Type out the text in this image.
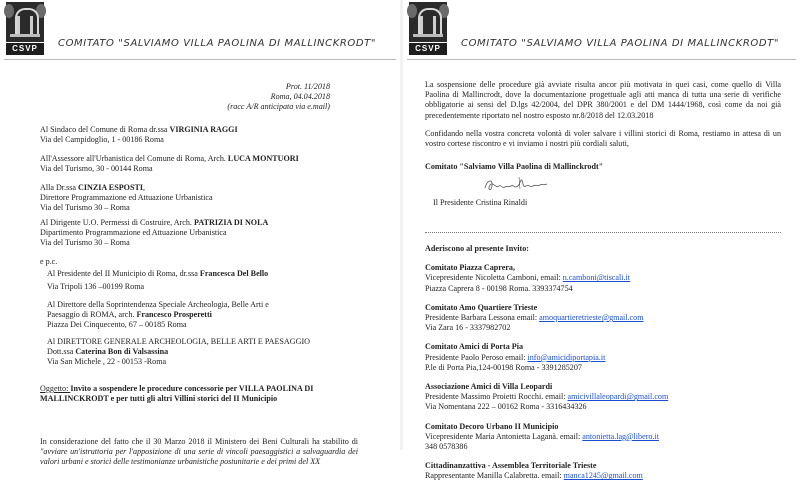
CSVP	COMITATO "SALVIAMO VILLA PAOLINA DI MALLINCKRODT"
Prot. 11/2018
Roma, 04.04.2018
(racc A/R anticipata via e.mail)
Al Sindaco del Comune di Roma dr.ssa VIRGINIA RAGGI
Via del Campidoglio, 1 - 00186 Roma
All'Assessore all'Urbanistica del Comune di Roma, Arch. LUCA MONTUORI
Via del Turismo, 30 - 00144 Roma
Alla Dr.ssa CINZIA ESPOSTI,
Direttore Programmazione ed Attuazione Urbanistica
Via del Turismo 30 – Roma
Al Dirigente U.O. Permessi di Costruire, Arch. PATRIZIA DI NOLA
Dipartimento Programmazione ed Attuazione Urbanistica
Via del Turismo 30 – Roma
e p.c.
Al Presidente del II Municipio di Roma, dr.ssa Francesca Del Bello
Via Tripoli 136 –00199 Roma
Al Direttore della Soprintendenza Speciale Archeologia, Belle Arti e
Paesaggio di ROMA, arch. Francesco Prosperetti
Piazza Dei Cinquecento, 67 – 00185 Roma
Al DIRETTORE GENERALE ARCHEOLOGIA, BELLE ARTI E PAESAGGIO
Dott.ssa Caterina Bon di Valsassina
Via San Michele , 22 - 00153 -Roma
Oggetto: Invito a sospendere le procedure concessorie per VILLA PAOLINA DI
MALLINCKRODT e per tutti gli altri Villini storici del II Municipio
In considerazione del fatto che il 30 Marzo 2018 il Ministero dei Beni Culturali ha stabilito di "avviare un'istruttoria per l'apposizione di una serie di vincoli paesaggistici a salvaguardia dei valori urbani e storici delle testimonianze urbanistiche postunitarie e dei primi del XX
CSVP	COMITATO "SALVIAMO VILLA PAOLINA DI MALLINCKRODT"
La sospensione delle procedure già avviate risulta ancor più motivata in quei casi, come quello di Villa Paolina di Mallincrodt, dove la documentazione progettuale agli atti manca di tutta una serie di verifiche obbligatorie ai sensi del D.lgs 42/2004, del DPR 380/2001 e del DM 1444/1968, così come da noi già precedentemente riportato nel nostro esposto nr.8/2018 del 12.03.2018
Confidando nella vostra concreta volontà di voler salvare i villini storici di Roma, restiamo in attesa di un vostro cortese riscontro e vi inviamo i nostri più cordiali saluti,
Comitato "Salviamo Villa Paolina di Mallinckrodt"
Il Presidente Cristina Rinaldi
Aderiscono al presente Invito:
Comitato Piazza Caprera,
Vicepresidente Nicoletta Camboni, email: n.camboni@tiscali.it
Piazza Caprera 8 - 00198 Roma. 3393374754
Comitato Amo Quartiere Trieste
Presidente Barbara Lessona email: amoquartieretrieste@gmail.com
Via Zara 16 - 3337982702
Comitato Amici di Porta Pia
Presidente Paolo Peroso email: info@amicidiportapia.it
P.le di Porta Pia,124-00198 Roma - 3391285207
Associazione Amici di Villa Leopardi
Presidente Massimo Proietti Rocchi. email: amicivillaleopardi@gmail.com
Via Nomentana 222 – 00162 Roma - 3316434326
Comitato Decoro Urbano II Municipio
Vicepresidente Maria Antonietta Laganà. email: antonietta.lag@libero.it
348 0578386
Cittadinanzattiva - Assemblea Territoriale Trieste
Rappresentante Manilla Calabretta. email: manca1245@gmail.com
